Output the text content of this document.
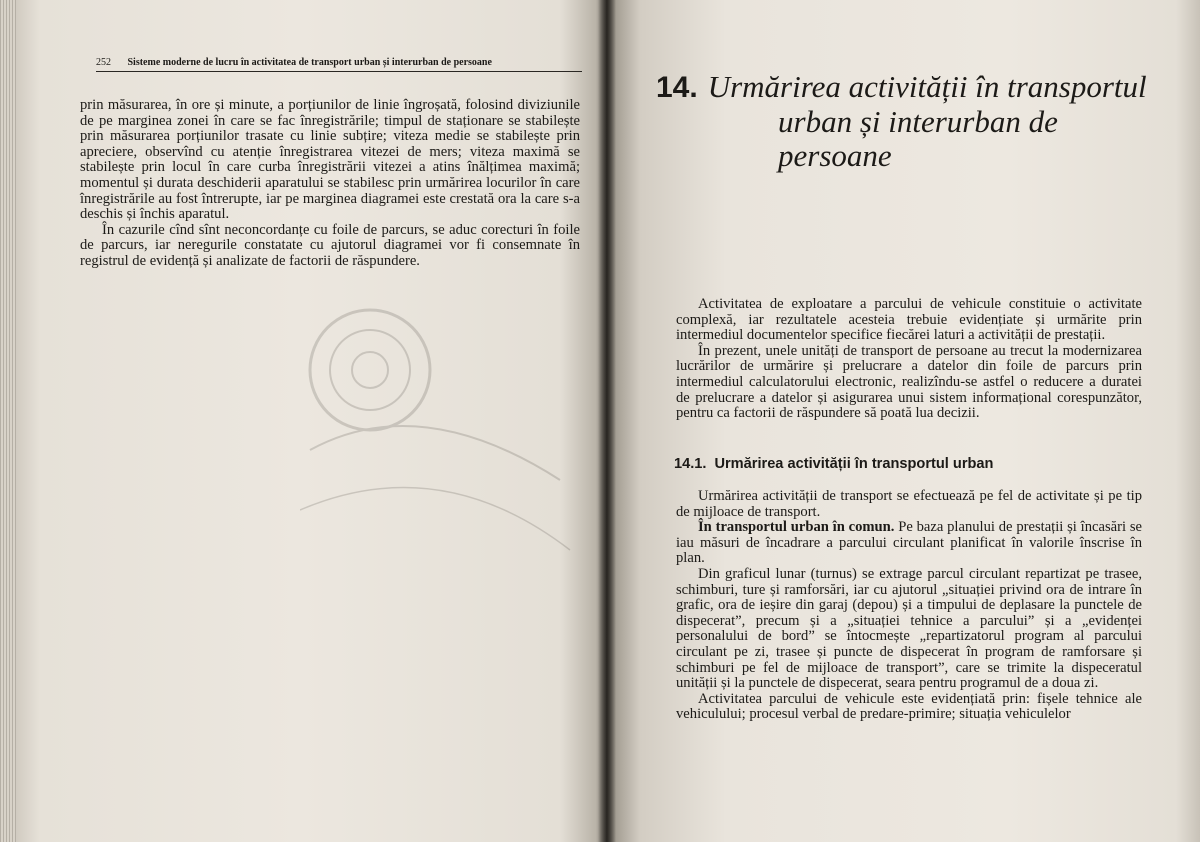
252 Sisteme moderne de lucru în activitatea de transport urban și interurban de persoane

prin măsurarea, în ore și minute, a porțiunilor de linie îngroșată, folosind diviziunile de pe marginea zonei în care se fac înregistrările; timpul de staționare se stabilește prin măsurarea porțiunilor trasate cu linie subțire; viteza medie se stabilește prin apreciere, observînd cu atenție înregistrarea vitezei de mers; viteza maximă se stabilește prin locul în care curba înregistrării vitezei a atins înălțimea maximă; momentul și durata deschiderii aparatului se stabilesc prin urmărirea locurilor în care înregistrările au fost întrerupte, iar pe marginea diagramei este crestată ora la care s-a deschis și închis aparatul.

În cazurile cînd sînt neconcordanțe cu foile de parcurs, se aduc corecturi în foile de parcurs, iar neregurile constatate cu ajutorul diagramei vor fi consemnate în registrul de evidență și analizate de factorii de răspundere.

14. Urmărirea activității în transportul
urban și interurban de persoane

Activitatea de exploatare a parcului de vehicule constituie o activitate complexă, iar rezultatele acesteia trebuie evidențiate și urmărite prin intermediul documentelor specifice fiecărei laturi a activității de prestații.

În prezent, unele unități de transport de persoane au trecut la modernizarea lucrărilor de urmărire și prelucrare a datelor din foile de parcurs prin intermediul calculatorului electronic, realizîndu-se astfel o reducere a duratei de prelucrare a datelor și asigurarea unui sistem informațional corespunzător, pentru ca factorii de răspundere să poată lua decizii.

14.1. Urmărirea activității în transportul urban

Urmărirea activității de transport se efectuează pe fel de activitate și pe tip de mijloace de transport.

În transportul urban în comun. Pe baza planului de prestații și încasări se iau măsuri de încadrare a parcului circulant planificat în valorile înscrise în plan.

Din graficul lunar (turnus) se extrage parcul circulant repartizat pe trasee, schimburi, ture și ramforsări, iar cu ajutorul „situației privind ora de intrare în grafic, ora de ieșire din garaj (depou) și a timpului de deplasare la punctele de dispecerat”, precum și a „situației tehnice a parcului” și a „evidenței personalului de bord” se întocmește „repartizatorul program al parcului circulant pe zi, trasee și puncte de dispecerat în program de ramforsare și schimburi pe fel de mijloace de transport”, care se trimite la dispeceratul unității și la punctele de dispecerat, seara pentru programul de a doua zi.

Activitatea parcului de vehicule este evidențiată prin: fișele tehnice ale vehiculului; procesul verbal de predare-primire; situația vehiculelor
